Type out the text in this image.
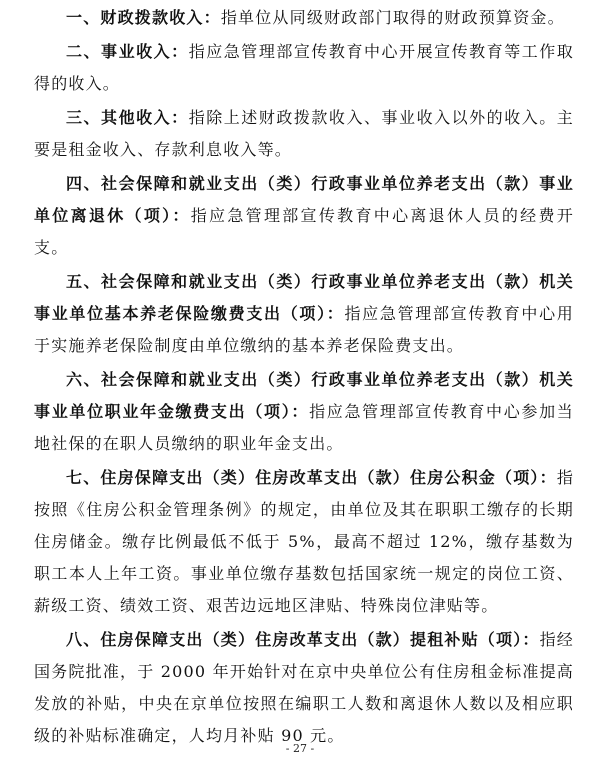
一、财政拨款收入：指单位从同级财政部门取得的财政预算资金。

二、事业收入：指应急管理部宣传教育中心开展宣传教育等工作取得的收入。

三、其他收入：指除上述财政拨款收入、事业收入以外的收入。主要是租金收入、存款利息收入等。

四、社会保障和就业支出（类）行政事业单位养老支出（款）事业单位离退休（项）：指应急管理部宣传教育中心离退休人员的经费开支。

五、社会保障和就业支出（类）行政事业单位养老支出（款）机关事业单位基本养老保险缴费支出（项）：指应急管理部宣传教育中心用于实施养老保险制度由单位缴纳的基本养老保险费支出。

六、社会保障和就业支出（类）行政事业单位养老支出（款）机关事业单位职业年金缴费支出（项）：指应急管理部宣传教育中心参加当地社保的在职人员缴纳的职业年金支出。

七、住房保障支出（类）住房改革支出（款）住房公积金（项）：指按照《住房公积金管理条例》的规定，由单位及其在职职工缴存的长期住房储金。缴存比例最低不低于 5%，最高不超过 12%，缴存基数为职工本人上年工资。事业单位缴存基数包括国家统一规定的岗位工资、薪级工资、绩效工资、艰苦边远地区津贴、特殊岗位津贴等。

八、住房保障支出（类）住房改革支出（款）提租补贴（项）：指经国务院批准，于 2000 年开始针对在京中央单位公有住房租金标准提高发放的补贴，中央在京单位按照在编职工人数和离退休人数以及相应职级的补贴标准确定，人均月补贴 90 元。

- 27 -
